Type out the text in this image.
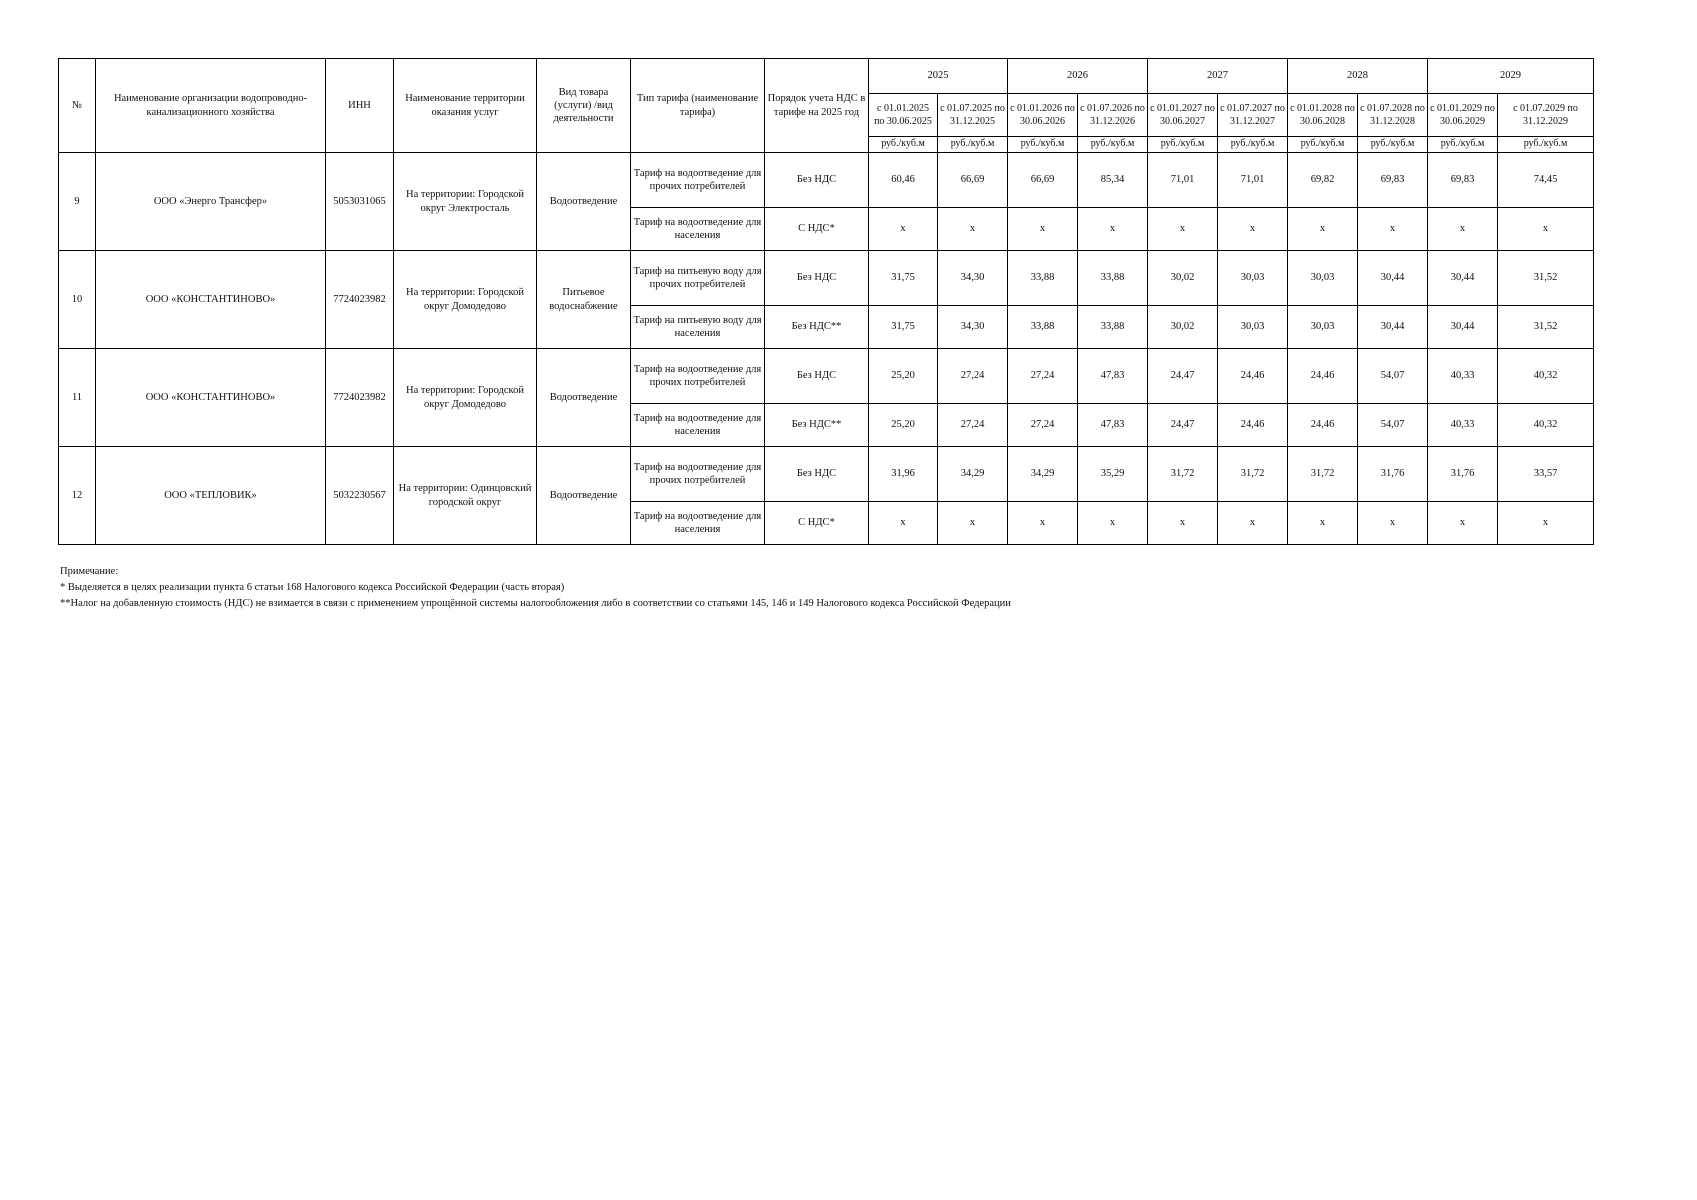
№	Наименование организации водопроводно-канализационного хозяйства	ИНН	Наименование территории оказания услуг	Вид товара (услуги) /вид деятельности	Тип тарифа (наименование тарифа)	Порядок учета НДС в тарифе на 2025 год	2025		2026		2027		2028		2029	
							с 01.01.2025 по 30.06.2025	с 01.07.2025 по 31.12.2025	с 01.01.2026 по 30.06.2026	с 01.07.2026 по 31.12.2026	с 01.01.2027 по 30.06.2027	с 01.07.2027 по 31.12.2027	с 01.01.2028 по 30.06.2028	с 01.07.2028 по 31.12.2028	с 01.01.2029 по 30.06.2029	с 01.07.2029 по 31.12.2029
							руб./куб.м	руб./куб.м	руб./куб.м	руб./куб.м	руб./куб.м	руб./куб.м	руб./куб.м	руб./куб.м	руб./куб.м	руб./куб.м
9	ООО «Энерго Трансфер»	5053031065	На территории: Городской округ Электросталь	Водоотведение	Тариф на водоотведение для прочих потребителей	Без НДС	60,46	66,69	66,69	85,34	71,01	71,01	69,82	69,83	69,83	74,45
					Тариф на водоотведение для населения	С НДС*	x	x	x	x	x	x	x	x	x	x
10	ООО «КОНСТАНТИНОВО»	7724023982	На территории: Городской округ Домодедово	Питьевое водоснабжение	Тариф на питьевую воду для прочих потребителей	Без НДС	31,75	34,30	33,88	33,88	30,02	30,03	30,03	30,44	30,44	31,52
					Тариф на питьевую воду для населения	Без НДС**	31,75	34,30	33,88	33,88	30,02	30,03	30,03	30,44	30,44	31,52
11	ООО «КОНСТАНТИНОВО»	7724023982	На территории: Городской округ Домодедово	Водоотведение	Тариф на водоотведение для прочих потребителей	Без НДС	25,20	27,24	27,24	47,83	24,47	24,46	24,46	54,07	40,33	40,32
					Тариф на водоотведение для населения	Без НДС**	25,20	27,24	27,24	47,83	24,47	24,46	24,46	54,07	40,33	40,32
12	ООО «ТЕПЛОВИК»	5032230567	На территории: Одинцовский городской округ	Водоотведение	Тариф на водоотведение для прочих потребителей	Без НДС	31,96	34,29	34,29	35,29	31,72	31,72	31,72	31,76	31,76	33,57
					Тариф на водоотведение для населения	С НДС*	x	x	x	x	x	x	x	x	x	x
Примечание:
* Выделяется в целях реализации пункта 6 статьи 168 Налогового кодекса Российской Федерации (часть вторая)
**Налог на добавленную стоимость (НДС) не взимается в связи с применением упрощённой системы налогообложения либо в соответствии со статьями 145, 146 и 149 Налогового кодекса Российской Федерации
